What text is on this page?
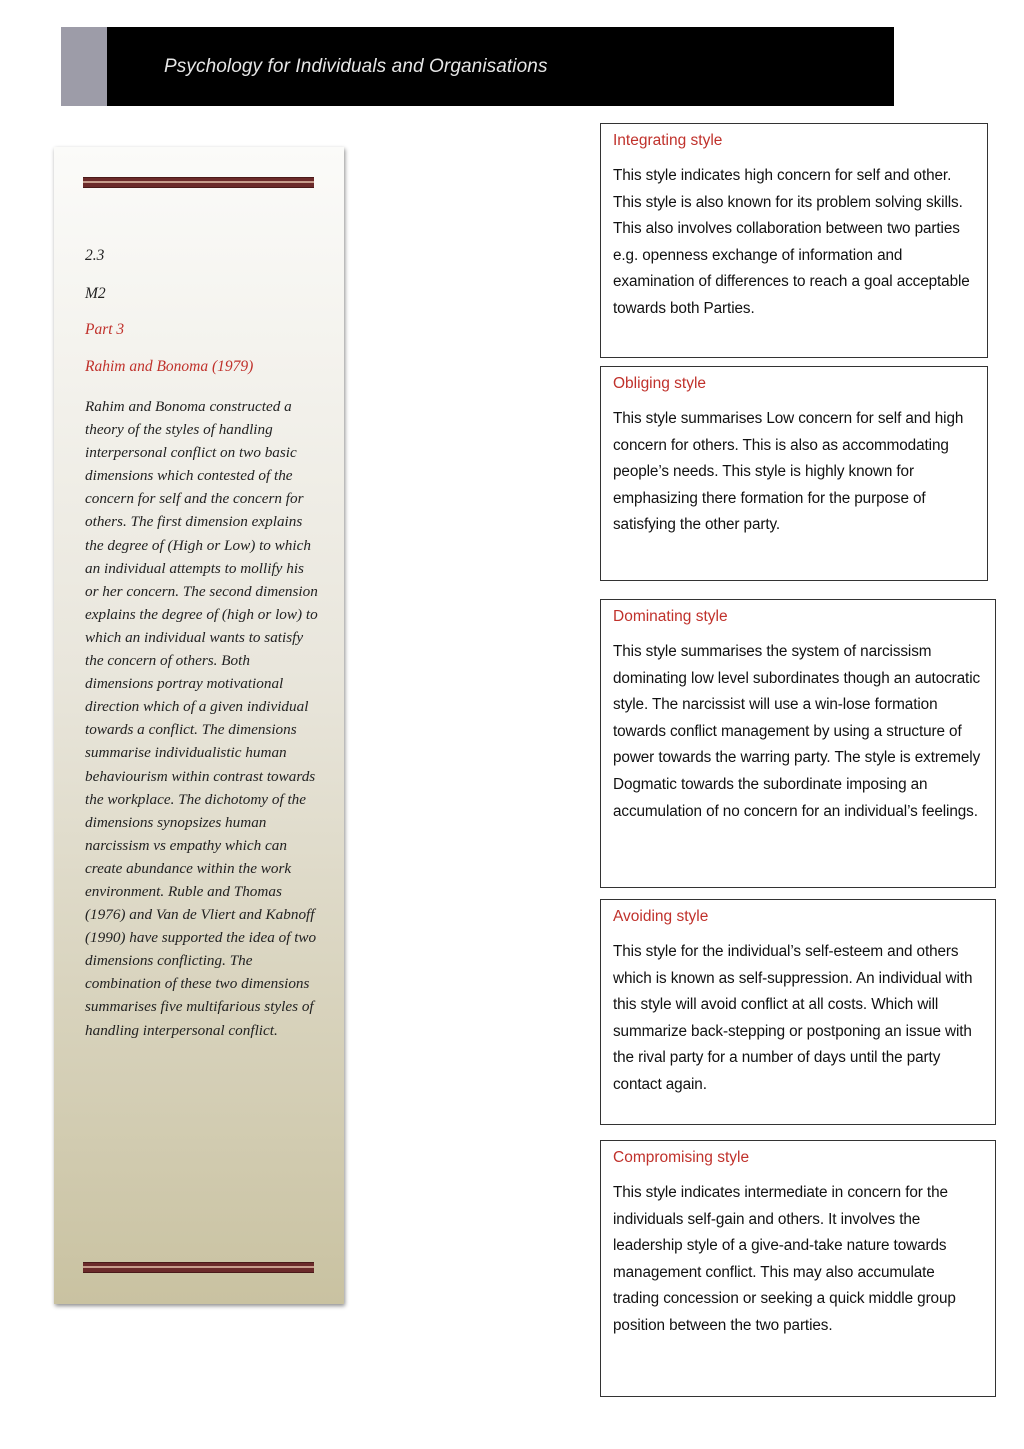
Psychology for Individuals and Organisations
2.3
M2
Part 3
Rahim and Bonoma (1979)
Rahim and Bonoma constructed a theory of the styles of handling interpersonal conflict on two basic dimensions which contested of the concern for self and the concern for others. The first dimension explains the degree of (High or Low) to which an individual attempts to mollify his or her concern. The second dimension explains the degree of (high or low) to which an individual wants to satisfy the concern of others. Both dimensions portray motivational direction which of a given individual towards a conflict. The dimensions summarise individualistic human behaviourism within contrast towards the workplace. The dichotomy of the dimensions synopsizes human narcissism vs empathy which can create abundance within the work environment. Ruble and Thomas (1976) and Van de Vliert and Kabnoff (1990) have supported the idea of two dimensions conflicting. The combination of these two dimensions summarises five multifarious styles of handling interpersonal conflict.
Integrating style
This style indicates high concern for self and other. This style is also known for its problem solving skills. This also involves collaboration between two parties e.g. openness exchange of information and examination of differences to reach a goal acceptable towards both Parties.
Obliging style
This style summarises Low concern for self and high concern for others. This is also as accommodating people’s needs. This style is highly known for emphasizing there formation for the purpose of satisfying the other party.
Dominating style
This style summarises the system of narcissism dominating low level subordinates though an autocratic style. The narcissist will use a win-lose formation towards conflict management by using a structure of power towards the warring party. The style is extremely Dogmatic towards the subordinate imposing an accumulation of no concern for an individual’s feelings.
Avoiding style
This style for the individual’s self-esteem and others which is known as self-suppression. An individual with this style will avoid conflict at all costs. Which will summarize back-stepping or postponing an issue with the rival party for a number of days until the party contact again.
Compromising style
This style indicates intermediate in concern for the individuals self-gain and others. It involves the leadership style of a give-and-take nature towards management conflict. This may also accumulate trading concession or seeking a quick middle group position between the two parties.
